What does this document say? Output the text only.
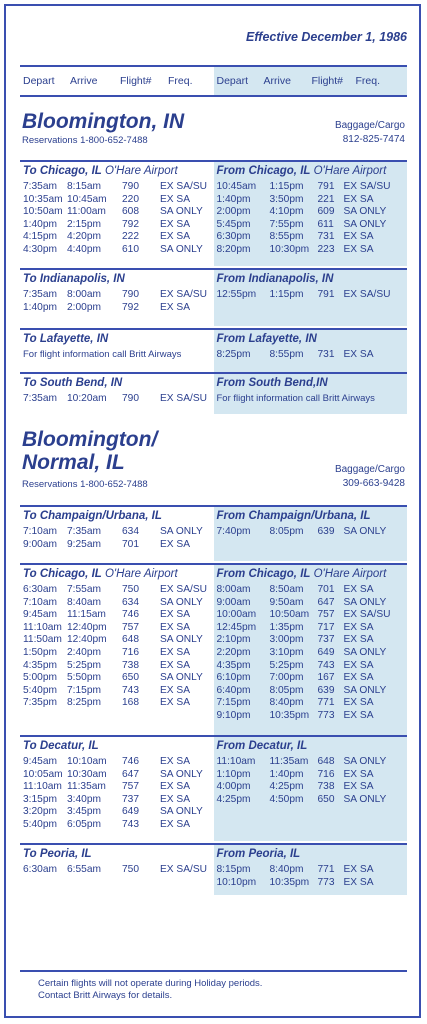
Effective December 1, 1986
Depart Arrive Flight# Freq. Depart Arrive Flight# Freq.
Bloomington, IN
Reservations 1-800-652-7488
Baggage/Cargo
812-825-7474
To Chicago, IL O'Hare Airport
7:35am 8:15am 790 EX SA/SU
10:35am 10:45am 220 EX SA
10:50am 11:00am 608 SA ONLY
1:40pm 2:15pm 792 EX SA
4:15pm 4:20pm 222 EX SA
4:30pm 4:40pm 610 SA ONLY
From Chicago, IL O'Hare Airport
10:45am 1:15pm 791 EX SA/SU
1:40pm 3:50pm 221 EX SA
2:00pm 4:10pm 609 SA ONLY
5:45pm 7:55pm 611 SA ONLY
6:30pm 8:55pm 731 EX SA
8:20pm 10:30pm 223 EX SA
To Indianapolis, IN
7:35am 8:00am 790 EX SA/SU
1:40pm 2:00pm 792 EX SA
From Indianapolis, IN
12:55pm 1:15pm 791 EX SA/SU
To Lafayette, IN
For flight information call Britt Airways
From Lafayette, IN
8:25pm 8:55pm 731 EX SA
To South Bend, IN
7:35am 10:20am 790 EX SA/SU
From South Bend,IN
For flight information call Britt Airways
Bloomington/
Normal, IL
Reservations 1-800-652-7488
Baggage/Cargo
309-663-9428
To Champaign/Urbana, IL
7:10am 7:35am 634 SA ONLY
9:00am 9:25am 701 EX SA
From Champaign/Urbana, IL
7:40pm 8:05pm 639 SA ONLY
To Chicago, IL O'Hare Airport
6:30am 7:55am 750 EX SA/SU
7:10am 8:40am 634 SA ONLY
9:45am 11:15am 746 EX SA
11:10am 12:40pm 757 EX SA
11:50am 12:40pm 648 SA ONLY
1:50pm 2:40pm 716 EX SA
4:35pm 5:25pm 738 EX SA
5:00pm 5:50pm 650 SA ONLY
5:40pm 7:15pm 743 EX SA
7:35pm 8:25pm 168 EX SA
From Chicago, IL O'Hare Airport
8:00am 8:50am 701 EX SA
9:00am 9:50am 647 SA ONLY
10:00am 10:50am 757 EX SA/SU
12:45pm 1:35pm 717 EX SA
2:10pm 3:00pm 737 EX SA
2:20pm 3:10pm 649 SA ONLY
4:35pm 5:25pm 743 EX SA
6:10pm 7:00pm 167 EX SA
6:40pm 8:05pm 639 SA ONLY
7:15pm 8:40pm 771 EX SA
9:10pm 10:35pm 773 EX SA
To Decatur, IL
9:45am 10:10am 746 EX SA
10:05am 10:30am 647 SA ONLY
11:10am 11:35am 757 EX SA
3:15pm 3:40pm 737 EX SA
3:20pm 3:45pm 649 SA ONLY
5:40pm 6:05pm 743 EX SA
From Decatur, IL
11:10am 11:35am 648 SA ONLY
1:10pm 1:40pm 716 EX SA
4:00pm 4:25pm 738 EX SA
4:25pm 4:50pm 650 SA ONLY
To Peoria, IL
6:30am 6:55am 750 EX SA/SU
From Peoria, IL
8:15pm 8:40pm 771 EX SA
10:10pm 10:35pm 773 EX SA
Certain flights will not operate during Holiday periods.
Contact Britt Airways for details.
